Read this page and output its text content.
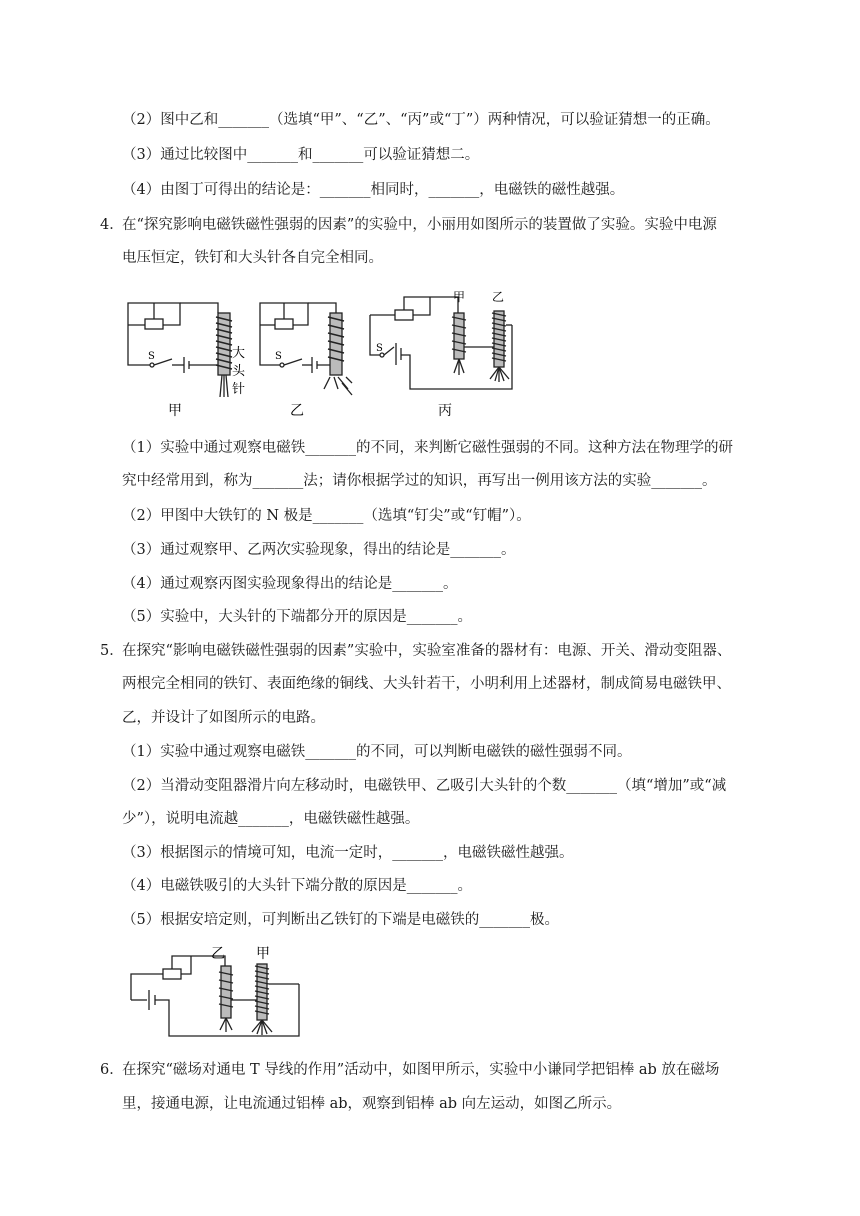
（2）图中乙和_______（选填“甲”、“乙”、“丙”或“丁”）两种情况，可以验证猜想一的正确。
（3）通过比较图中_______和_______可以验证猜想二。
（4）由图丁可得出的结论是：_______相同时，_______，电磁铁的磁性越强。
4．
在“探究影响电磁铁磁性强弱的因素”的实验中，小丽用如图所示的装置做了实验。实验中电源
电压恒定，铁钉和大头针各自完全相同。
S	S
S
大
头
针
甲 乙
甲	乙	丙
（1）实验中通过观察电磁铁_______的不同，来判断它磁性强弱的不同。这种方法在物理学的研
究中经常用到，称为_______法；请你根据学过的知识，再写出一例用该方法的实验_______。
（2）甲图中大铁钉的 N 极是_______（选填“钉尖”或“钉帽”）。
（3）通过观察甲、乙两次实验现象，得出的结论是_______。
（4）通过观察丙图实验现象得出的结论是_______。
（5）实验中，大头针的下端都分开的原因是_______。
5．
在探究“影响电磁铁磁性强弱的因素”实验中，实验室准备的器材有：电源、开关、滑动变阻器、
两根完全相同的铁钉、表面绝缘的铜线、大头针若干，小明利用上述器材，制成简易电磁铁甲、
乙，并设计了如图所示的电路。
（1）实验中通过观察电磁铁_______的不同，可以判断电磁铁的磁性强弱不同。
（2）当滑动变阻器滑片向左移动时，电磁铁甲、乙吸引大头针的个数_______（填“增加”或“减
少”），说明电流越_______，电磁铁磁性越强。
（3）根据图示的情境可知，电流一定时，_______，电磁铁磁性越强。
（4）电磁铁吸引的大头针下端分散的原因是_______。
（5）根据安培定则，可判断出乙铁钉的下端是电磁铁的_______极。
乙 甲
6．
在探究“磁场对通电 T 导线的作用”活动中，如图甲所示，实验中小谦同学把铝棒 ab 放在磁场
里，接通电源，让电流通过铝棒 ab，观察到铝棒 ab 向左运动，如图乙所示。
